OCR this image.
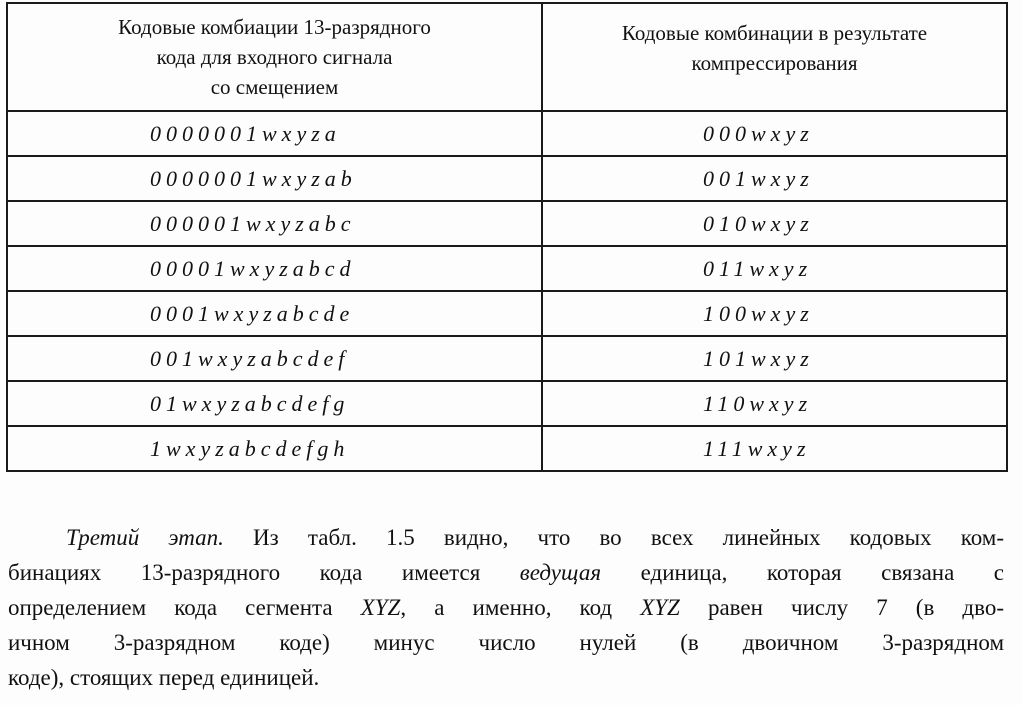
Кодовые комбиации 13-разрядного
кода для входного сигнала
со смещением	Кодовые комбинации в результате
компрессирования

0000001wxyza	000wxyz
0000001wxyzab	001wxyz
000001wxyzabc	010wxyz
00001wxyzabcd	011wxyz
0001wxyzabcde	100wxyz
001wxyzabcdef	101wxyz
01wxyzabcdefg	110wxyz
1wxyzabcdefgh	111wxyz
Третий этап. Из табл. 1.5 видно, что во всех линейных кодовых ком-
бинациях 13-разрядного кода имеется ведущая единица, которая связана с
определением кода сегмента XYZ, а именно, код XYZ равен числу 7 (в дво-
ичном 3-разрядном коде) минус число нулей (в двоичном 3-разрядном
коде), стоящих перед единицей.
